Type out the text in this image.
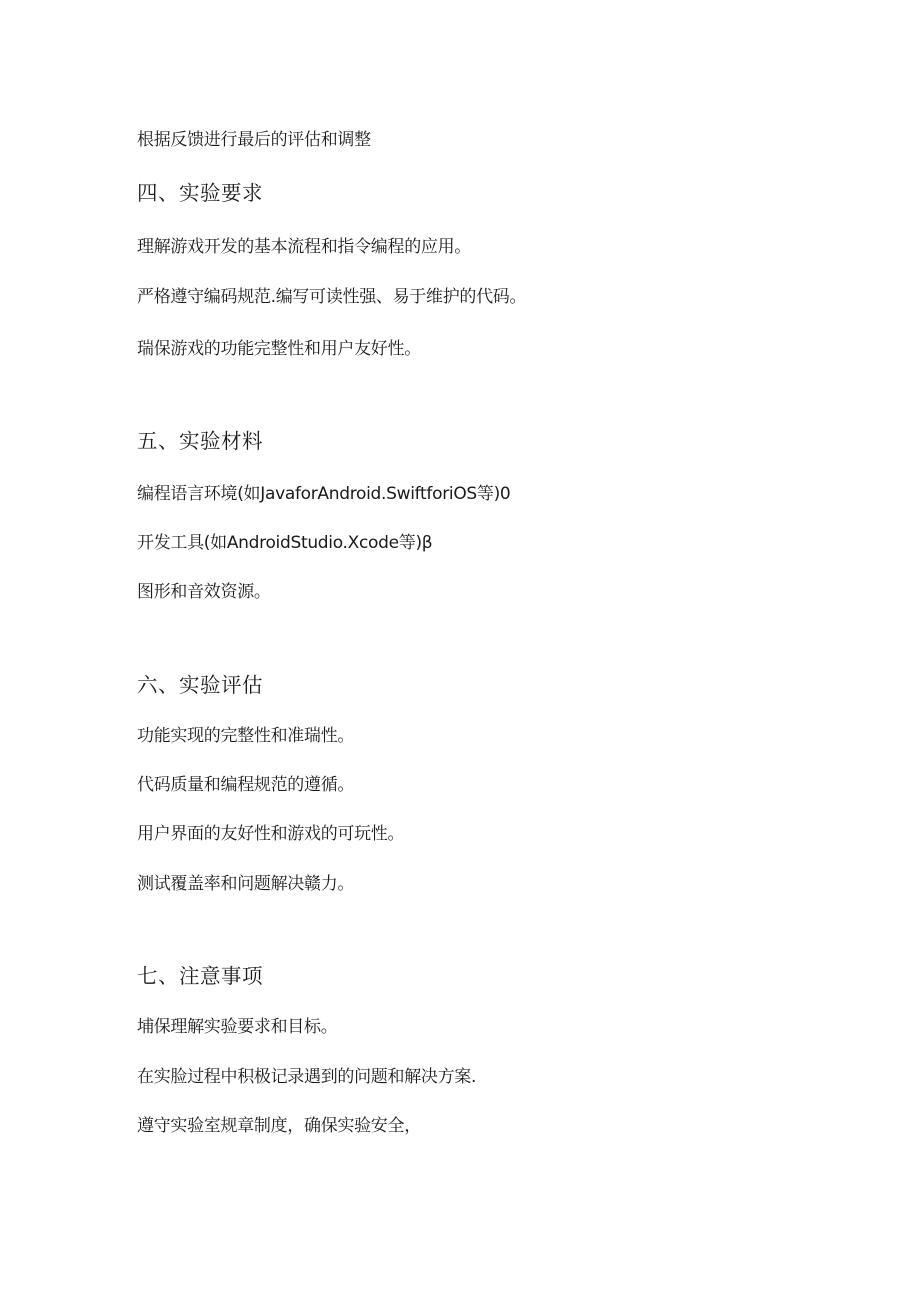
根据反馈进行最后的评估和调整
四、实验要求
理解游戏开发的基本流程和指令编程的应用。
严格遵守编码规范.编写可读性强、易于维护的代码。
瑞保游戏的功能完整性和用户友好性。
五、实验材料
编程语言环境(如JavaforAndroid.SwiftforiOS等)0
开发工具(如AndroidStudio.Xcode等)β
图形和音效资源。
六、实验评估
功能实现的完整性和准瑞性。
代码质量和编程规范的遵循。
用户界面的友好性和游戏的可玩性。
测试覆盖率和问题解决赣力。
七、注意事项
埔保理解实验要求和目标。
在实脸过程中积极记录遇到的问题和解决方案.
遵守实验室规章制度，确保实验安全，
